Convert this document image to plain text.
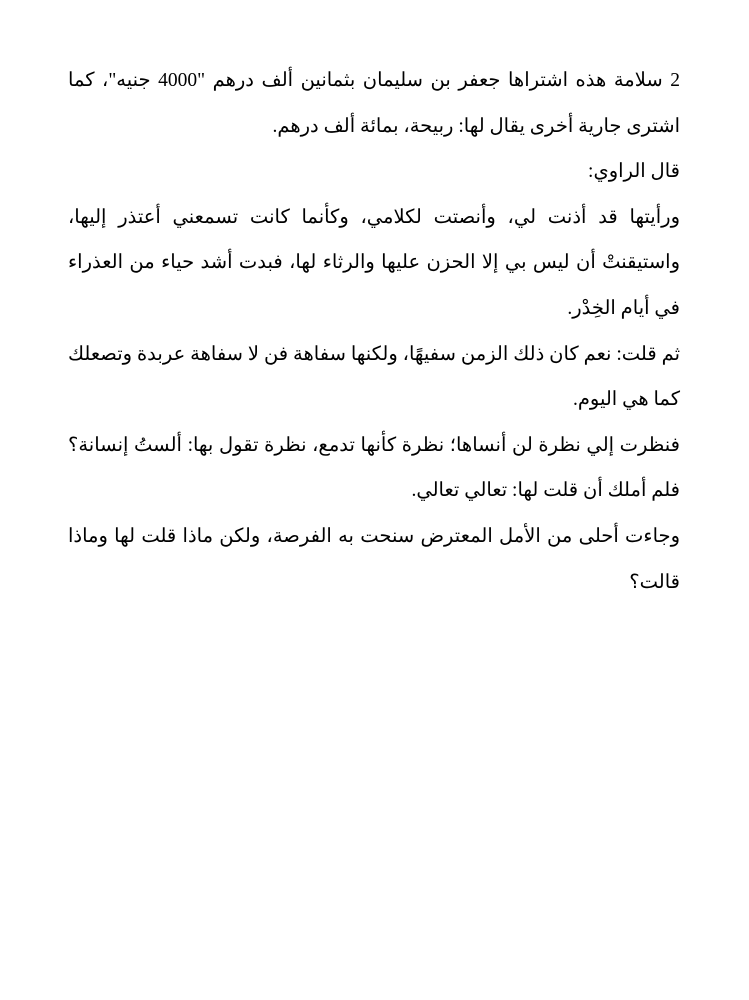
2 سلامة هذه اشتراها جعفر بن سليمان بثمانين ألف درهم "4000 جنيه"، كما اشترى جارية أخرى يقال لها: ربيحة، بمائة ألف درهم.

قال الراوي:

ورأيتها قد أذنت لي، وأنصتت لكلامي، وكأنما كانت تسمعني أعتذر إليها، واستيقنتْ أن ليس بي إلا الحزن عليها والرثاء لها، فبدت أشد حياء من العذراء في أيام الخِدْر.

ثم قلت: نعم كان ذلك الزمن سفيهًا، ولكنها سفاهة فن لا سفاهة عربدة وتصعلك كما هي اليوم.

فنظرت إلي نظرة لن أنساها؛ نظرة كأنها تدمع، نظرة تقول بها: ألستُ إنسانة؟ فلم أملك أن قلت لها: تعالي تعالي.

وجاءت أحلى من الأمل المعترض سنحت به الفرصة، ولكن ماذا قلت لها وماذا قالت؟
